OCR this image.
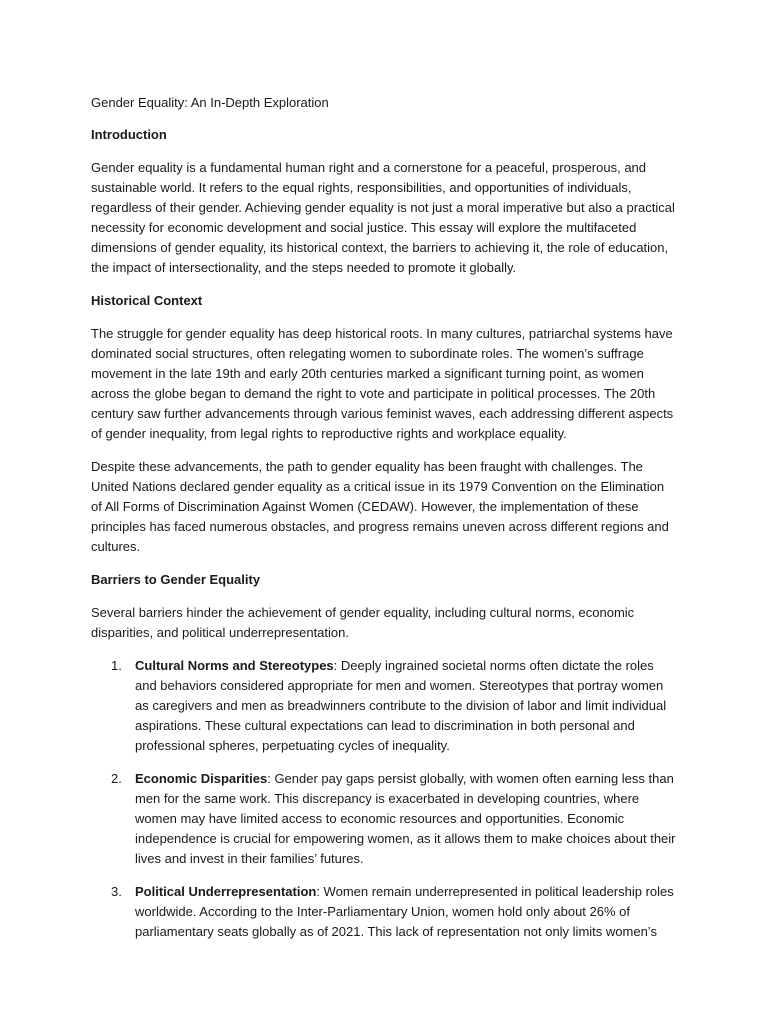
Gender Equality: An In-Depth Exploration
Introduction

Gender equality is a fundamental human right and a cornerstone for a peaceful, prosperous, and sustainable world. It refers to the equal rights, responsibilities, and opportunities of individuals, regardless of their gender. Achieving gender equality is not just a moral imperative but also a practical necessity for economic development and social justice. This essay will explore the multifaceted dimensions of gender equality, its historical context, the barriers to achieving it, the role of education, the impact of intersectionality, and the steps needed to promote it globally.

Historical Context

The struggle for gender equality has deep historical roots. In many cultures, patriarchal systems have dominated social structures, often relegating women to subordinate roles. The women’s suffrage movement in the late 19th and early 20th centuries marked a significant turning point, as women across the globe began to demand the right to vote and participate in political processes. The 20th century saw further advancements through various feminist waves, each addressing different aspects of gender inequality, from legal rights to reproductive rights and workplace equality.

Despite these advancements, the path to gender equality has been fraught with challenges. The United Nations declared gender equality as a critical issue in its 1979 Convention on the Elimination of All Forms of Discrimination Against Women (CEDAW). However, the implementation of these principles has faced numerous obstacles, and progress remains uneven across different regions and cultures.

Barriers to Gender Equality

Several barriers hinder the achievement of gender equality, including cultural norms, economic disparities, and political underrepresentation.

1. Cultural Norms and Stereotypes: Deeply ingrained societal norms often dictate the roles and behaviors considered appropriate for men and women. Stereotypes that portray women as caregivers and men as breadwinners contribute to the division of labor and limit individual aspirations. These cultural expectations can lead to discrimination in both personal and professional spheres, perpetuating cycles of inequality.
2. Economic Disparities: Gender pay gaps persist globally, with women often earning less than men for the same work. This discrepancy is exacerbated in developing countries, where women may have limited access to economic resources and opportunities. Economic independence is crucial for empowering women, as it allows them to make choices about their lives and invest in their families’ futures.
3. Political Underrepresentation: Women remain underrepresented in political leadership roles worldwide. According to the Inter-Parliamentary Union, women hold only about 26% of parliamentary seats globally as of 2021. This lack of representation not only limits women’s
